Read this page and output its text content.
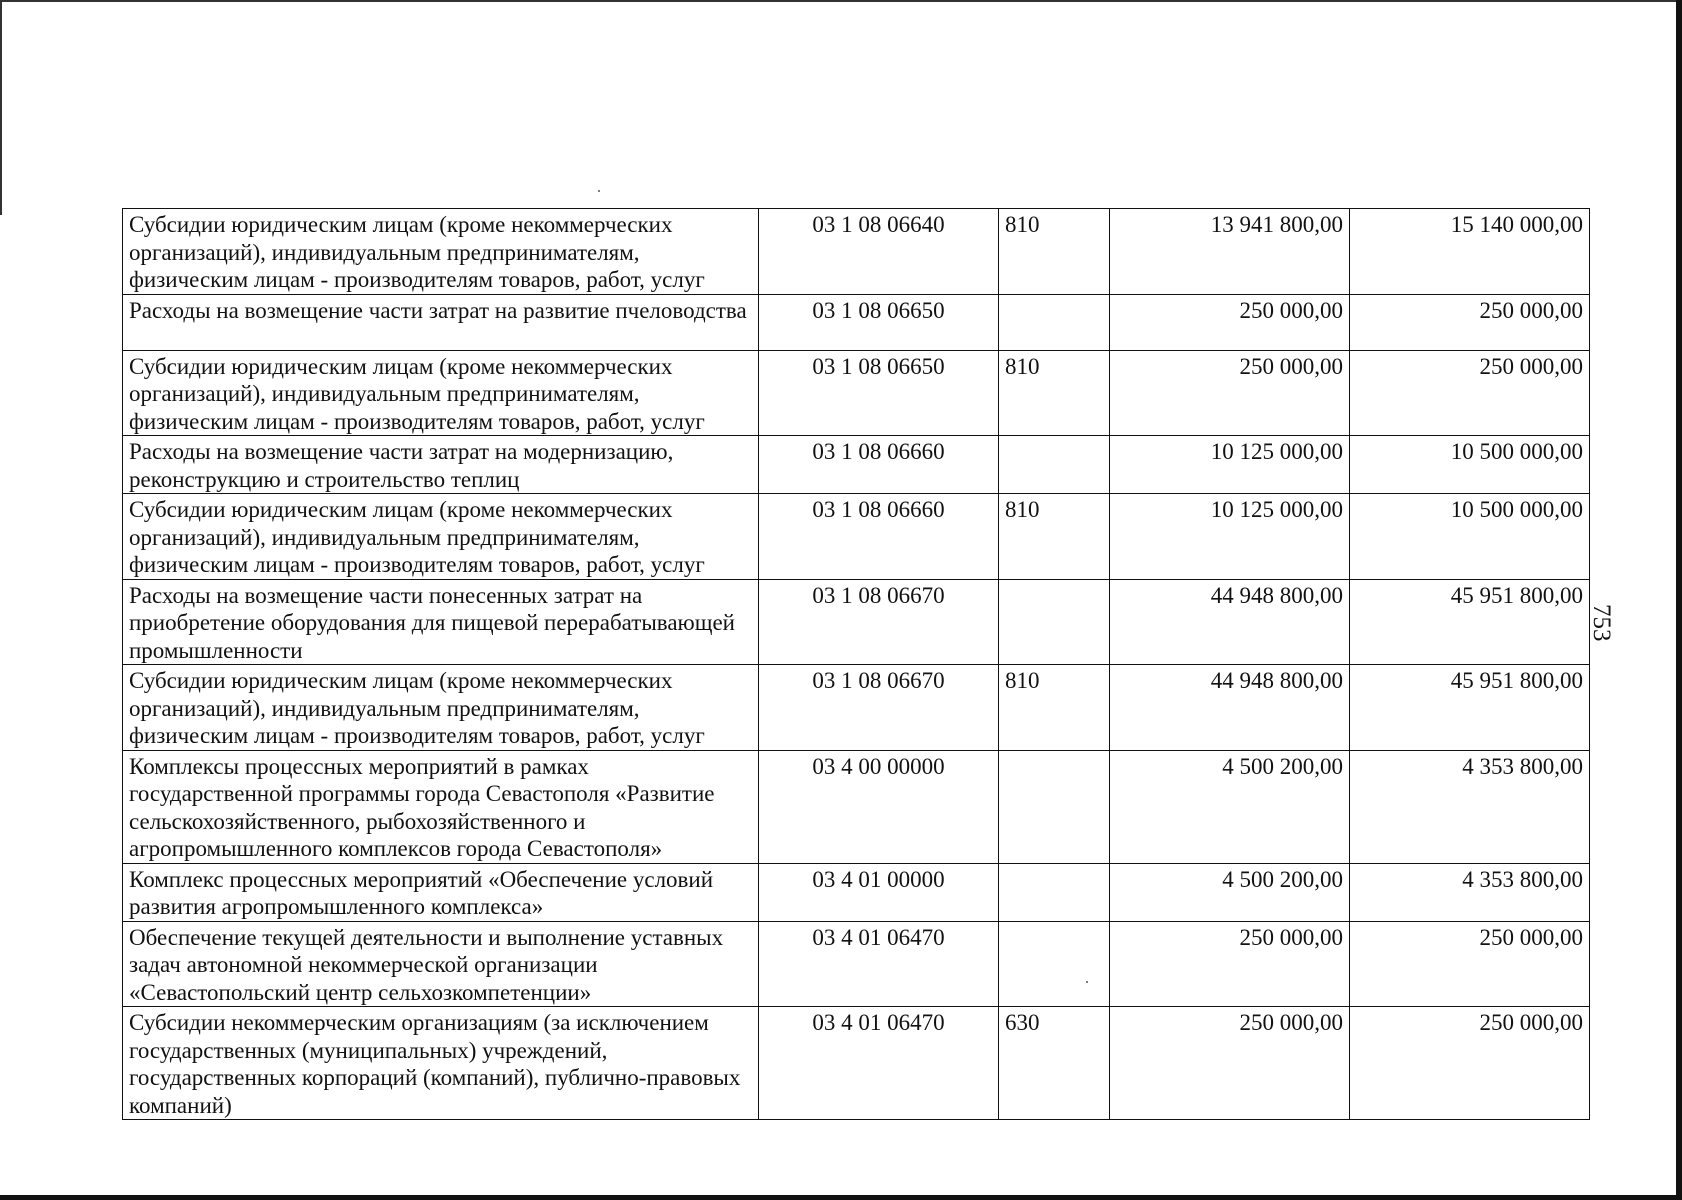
Субсидии юридическим лицам (кроме некоммерческих организаций), индивидуальным предпринимателям, физическим лицам - производителям товаров, работ, услуг	03 1 08 06640	810	13 941 800,00	15 140 000,00
Расходы на возмещение части затрат на развитие пчеловодства	03 1 08 06650		250 000,00	250 000,00
Субсидии юридическим лицам (кроме некоммерческих организаций), индивидуальным предпринимателям, физическим лицам - производителям товаров, работ, услуг	03 1 08 06650	810	250 000,00	250 000,00
Расходы на возмещение части затрат на модернизацию, реконструкцию и строительство теплиц	03 1 08 06660		10 125 000,00	10 500 000,00
Субсидии юридическим лицам (кроме некоммерческих организаций), индивидуальным предпринимателям, физическим лицам - производителям товаров, работ, услуг	03 1 08 06660	810	10 125 000,00	10 500 000,00
Расходы на возмещение части понесенных затрат на приобретение оборудования для пищевой перерабатывающей промышленности	03 1 08 06670		44 948 800,00	45 951 800,00
Субсидии юридическим лицам (кроме некоммерческих организаций), индивидуальным предпринимателям, физическим лицам - производителям товаров, работ, услуг	03 1 08 06670	810	44 948 800,00	45 951 800,00
Комплексы процессных мероприятий в рамках государственной программы города Севастополя «Развитие сельскохозяйственного, рыбохозяйственного и агропромышленного комплексов города Севастополя»	03 4 00 00000		4 500 200,00	4 353 800,00
Комплекс процессных мероприятий «Обеспечение условий развития агропромышленного комплекса»	03 4 01 00000		4 500 200,00	4 353 800,00
Обеспечение текущей деятельности и выполнение уставных задач автономной некоммерческой организации «Севастопольский центр сельхозкомпетенции»	03 4 01 06470		250 000,00	250 000,00
Субсидии некоммерческим организациям (за исключением государственных (муниципальных) учреждений, государственных корпораций (компаний), публично-правовых компаний)	03 4 01 06470	630	250 000,00	250 000,00
753
